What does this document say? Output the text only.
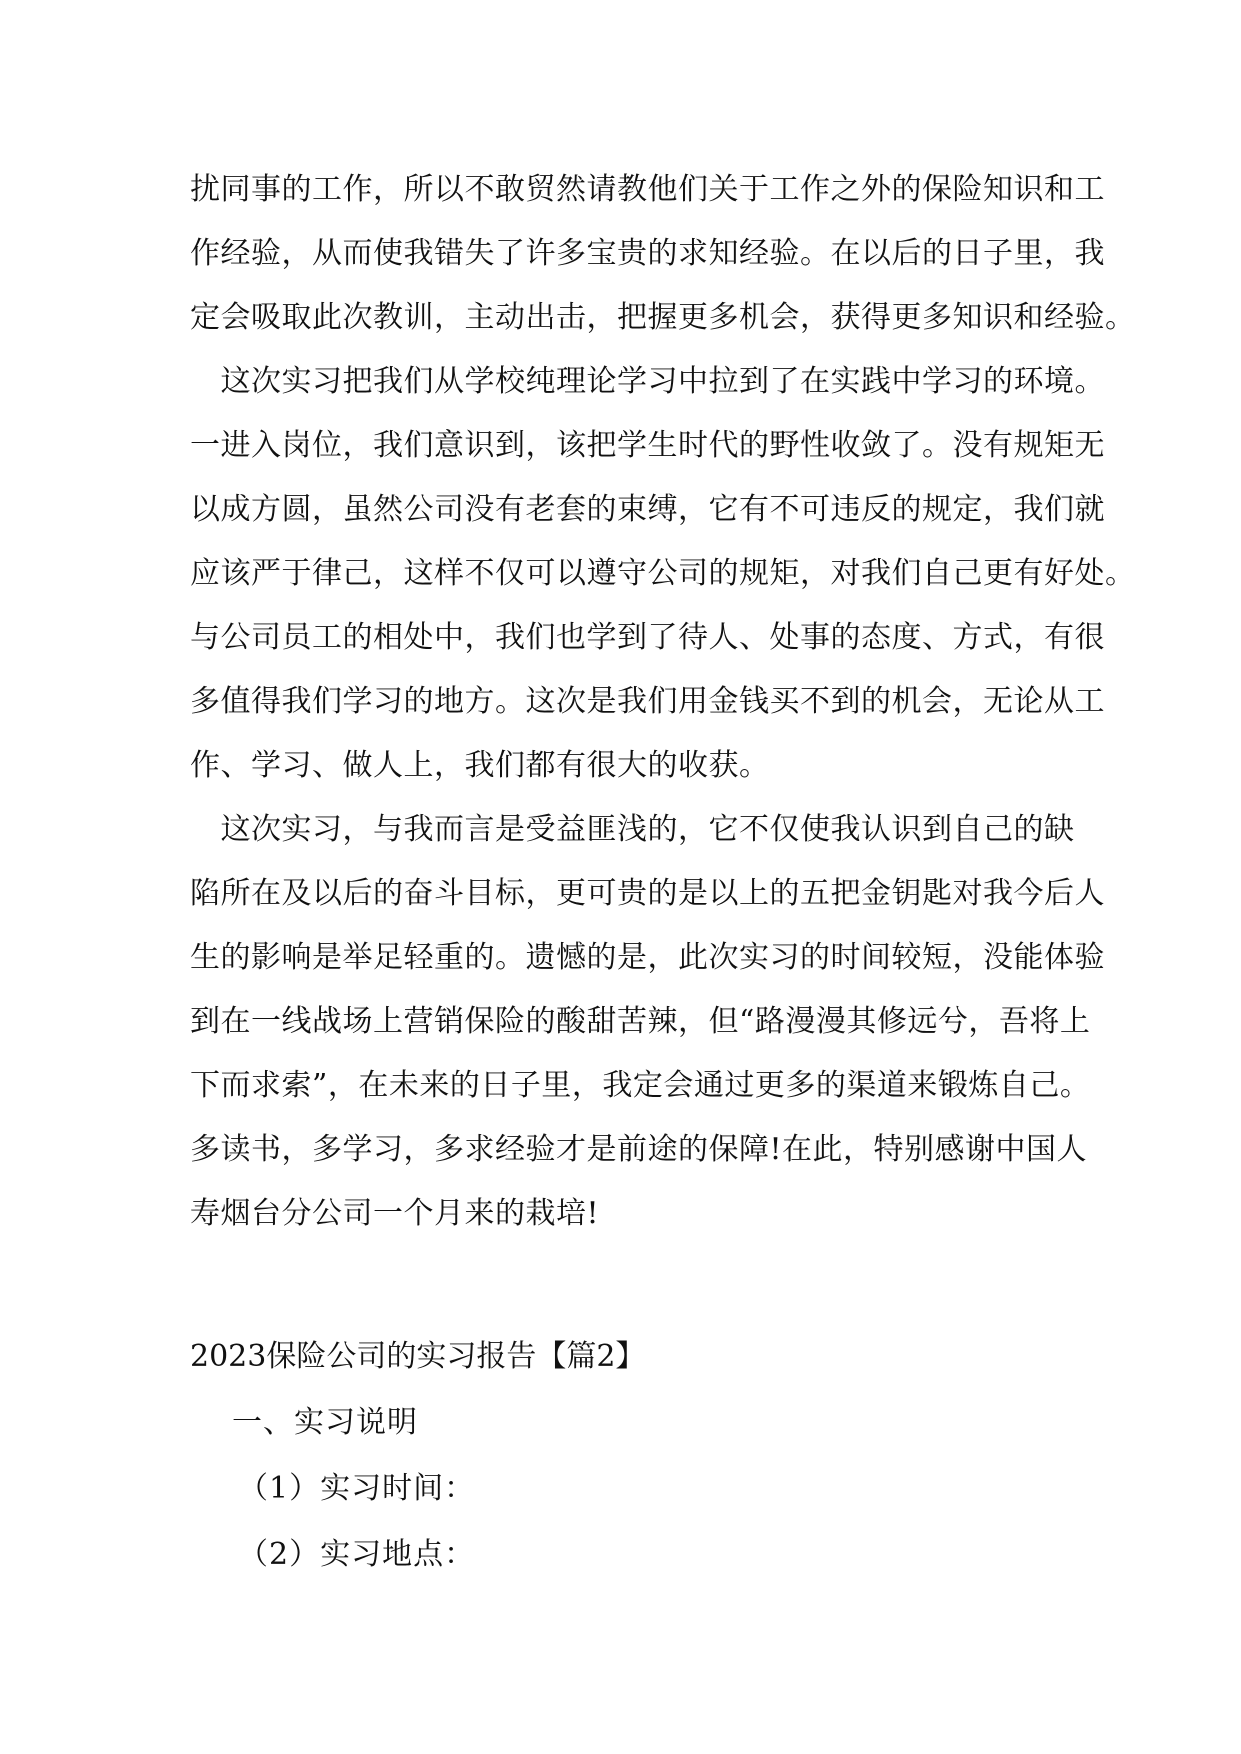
扰同事的工作，所以不敢贸然请教他们关于工作之外的保险知识和工
作经验，从而使我错失了许多宝贵的求知经验。在以后的日子里，我
定会吸取此次教训，主动出击，把握更多机会，获得更多知识和经验。
　这次实习把我们从学校纯理论学习中拉到了在实践中学习的环境。
一进入岗位，我们意识到，该把学生时代的野性收敛了。没有规矩无
以成方圆，虽然公司没有老套的束缚，它有不可违反的规定，我们就
应该严于律己，这样不仅可以遵守公司的规矩，对我们自己更有好处。
与公司员工的相处中，我们也学到了待人、处事的态度、方式，有很
多值得我们学习的地方。这次是我们用金钱买不到的机会，无论从工
作、学习、做人上，我们都有很大的收获。
　这次实习，与我而言是受益匪浅的，它不仅使我认识到自己的缺
陷所在及以后的奋斗目标，更可贵的是以上的五把金钥匙对我今后人
生的影响是举足轻重的。遗憾的是，此次实习的时间较短，没能体验
到在一线战场上营销保险的酸甜苦辣，但“路漫漫其修远兮，吾将上
下而求索”，在未来的日子里，我定会通过更多的渠道来锻炼自己。
多读书，多学习，多求经验才是前途的保障!在此，特别感谢中国人
寿烟台分公司一个月来的栽培!
2023保险公司的实习报告【篇2】
一、实习说明
（1）实习时间：
（2）实习地点：
